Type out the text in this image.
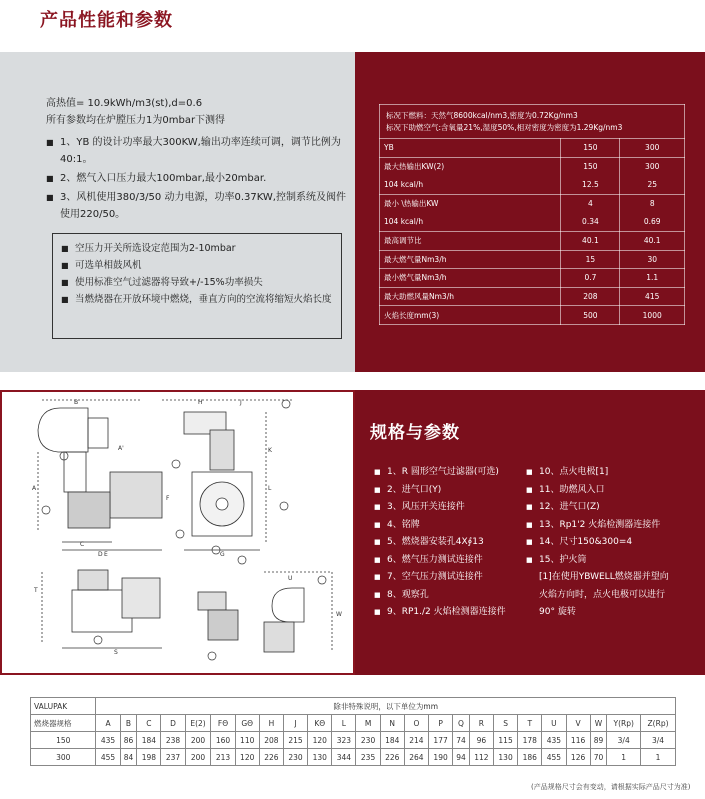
产品性能和参数
高热值= 10.9kWh/m3(st),d=0.6
所有参数均在炉膛压力1为0mbar下测得
■ 1、YB 的设计功率最大300KW,输出功率连续可调，调节比例为40:1。
■ 2、燃气入口压力最大100mbar,最小20mbar.
■ 3、风机使用380/3/50 动力电源，功率0.37KW,控制系统及阀件使用220/50。
■ 空压力开关所选设定范围为2-10mbar
■ 可选单相鼓风机
■ 使用标准空气过滤器将导致+/-15%功率损失
■ 当燃烧器在开放环境中燃烧，垂直方向的空流将缩短火焰长度
标况下燃料：天然气8600kcal/nm3,密度为0.72Kg/nm3
标况下助燃空气:含氧量21%,湿度50%,相对密度为密度为1.29Kg/nm3		

YB	150	300
最大热输出KW(2)	150	300
104 kcal/h	12.5	25
最小 \热输出KW	4	8
104 kcal/h	0.34	0.69
最高调节比	40.1	40.1
最大燃气量Nm3/h	15	30
最小燃气量Nm3/h	0.7	1.1
最大助燃风量Nm3/h	208	415
火焰长度mm(3)	500	1000
A
C
D
B
A'
F
H	J
K
L
G
E
T
S
U
W
规格与参数
■ 1、R 圆形空气过滤器(可选)
■ 2、进气口(Y)
■ 3、风压开关连接件
■ 4、铭牌
■ 5、燃烧器安装孔4X∮13
■ 6、燃气压力测试连接件
■ 7、空气压力测试连接件
■ 8、观察孔
■ 9、RP1./2 火焰检测器连接件
■ 10、点火电极[1]
■ 11、助燃风入口
■ 12、进气口(Z)
■ 13、Rp1'2 火焰检测器连接件
■ 14、尺寸150&300=4
■ 15、护火筒
[1]在使用YBWELL燃烧器并望向
火焰方向时，点火电极可以进行
90° 旋转
VALUPAK	除非特殊说明，以下单位为mm																							
燃烧器规格	A	B	C	D	E(2)	FΘ	GΘ	H	J	KΘ	L	M	N	O	P	Q	R	S	T	U	V	W	Y(Rp)	Z(Rp)
150	435	86	184	238	200	160	110	208	215	120	323	230	184	214	177	74	96	115	178	435	116	89	3/4	3/4
300	455	84	198	237	200	213	120	226	230	130	344	235	226	264	190	94	112	130	186	455	126	70	1	1
(产品规格尺寸会有变动，请根据实际产品尺寸为准)
